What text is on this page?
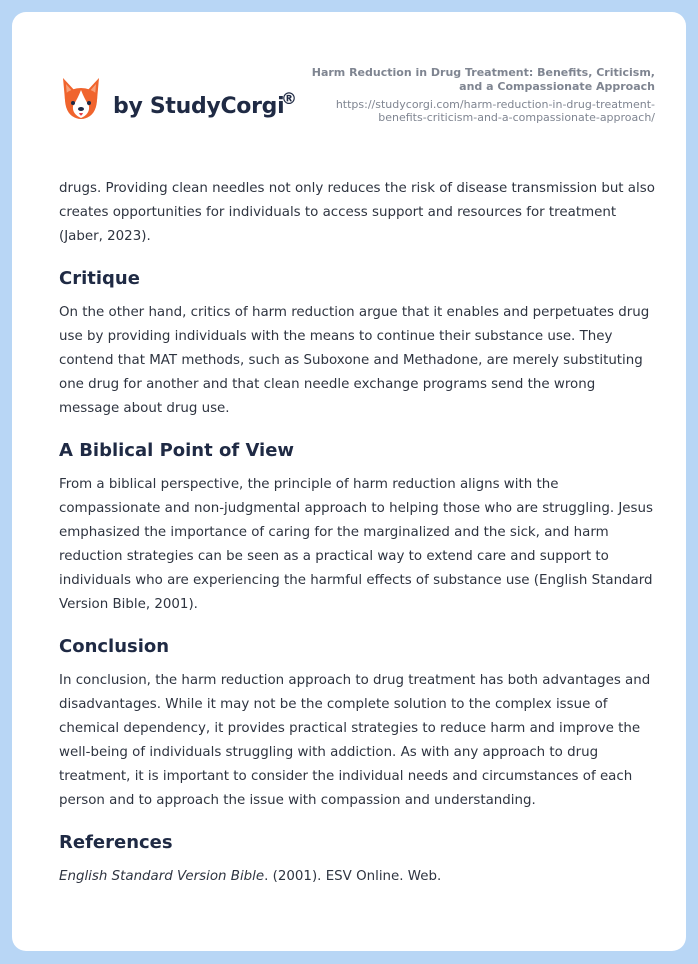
by StudyCorgi
®
Harm Reduction in Drug Treatment: Benefits, Criticism, and a Compassionate Approach
https://studycorgi.com/harm-reduction-in-drug-treatment-benefits-criticism-and-a-compassionate-approach/

drugs. Providing clean needles not only reduces the risk of disease transmission but also creates opportunities for individuals to access support and resources for treatment (Jaber, 2023).

Critique

On the other hand, critics of harm reduction argue that it enables and perpetuates drug use by providing individuals with the means to continue their substance use. They contend that MAT methods, such as Suboxone and Methadone, are merely substituting one drug for another and that clean needle exchange programs send the wrong message about drug use.

A Biblical Point of View

From a biblical perspective, the principle of harm reduction aligns with the compassionate and non-judgmental approach to helping those who are struggling. Jesus emphasized the importance of caring for the marginalized and the sick, and harm reduction strategies can be seen as a practical way to extend care and support to individuals who are experiencing the harmful effects of substance use (English Standard Version Bible, 2001).

Conclusion

In conclusion, the harm reduction approach to drug treatment has both advantages and disadvantages. While it may not be the complete solution to the complex issue of chemical dependency, it provides practical strategies to reduce harm and improve the well-being of individuals struggling with addiction. As with any approach to drug treatment, it is important to consider the individual needs and circumstances of each person and to approach the issue with compassion and understanding.

References

English Standard Version Bible. (2001). ESV Online. Web.
